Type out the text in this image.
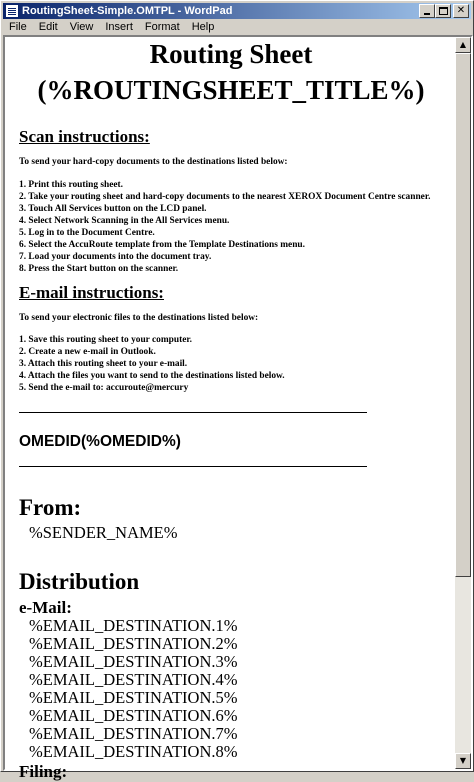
RoutingSheet-Simple.OMTPL - WordPad	✕
File	Edit	View	Insert	Format	Help
Routing Sheet
(%ROUTINGSHEET_TITLE%)
Scan instructions:
To send your hard-copy documents to the destinations listed below:
1. Print this routing sheet.
2. Take your routing sheet and hard-copy documents to the nearest XEROX Document Centre scanner.
3. Touch All Services button on the LCD panel.
4. Select Network Scanning in the All Services menu.
5. Log in to the Document Centre.
6. Select the AccuRoute template from the Template Destinations menu.
7. Load your documents into the document tray.
8. Press the Start button on the scanner.
E-mail instructions:
To send your electronic files to the destinations listed below:
1. Save this routing sheet to your computer.
2. Create a new e-mail in Outlook.
3. Attach this routing sheet to your e-mail.
4. Attach the files you want to send to the destinations listed below.
5. Send the e-mail to: accuroute@mercury
OMEDID(%OMEDID%)
From:
%SENDER_NAME%
Distribution
e-Mail:
%EMAIL_DESTINATION.1%
%EMAIL_DESTINATION.2%
%EMAIL_DESTINATION.3%
%EMAIL_DESTINATION.4%
%EMAIL_DESTINATION.5%
%EMAIL_DESTINATION.6%
%EMAIL_DESTINATION.7%
%EMAIL_DESTINATION.8%
Filing:
▲
▼
